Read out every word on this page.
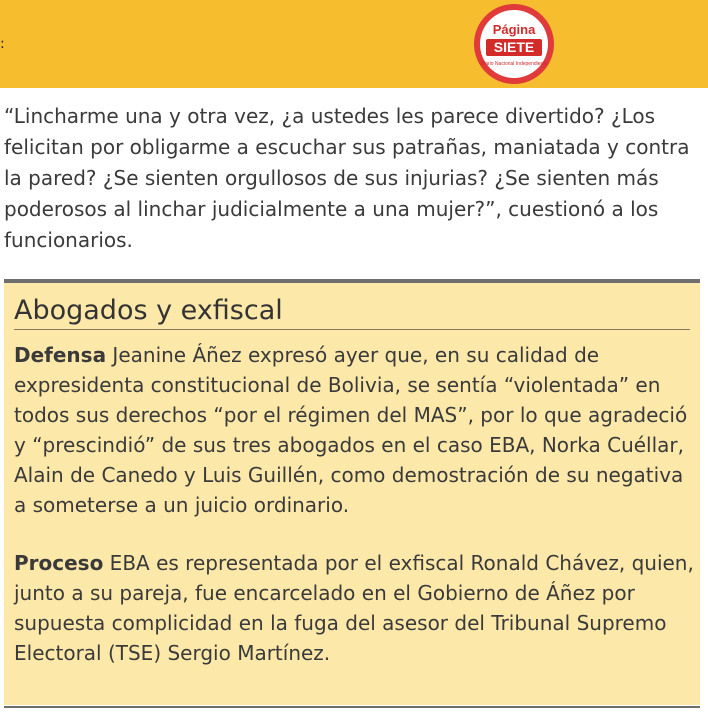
:
Página
SIETE
Diario Nacional Independiente

“Lincharme una y otra vez, ¿a ustedes les parece divertido? ¿Los felicitan por obligarme a escuchar sus patrañas, maniatada y contra la pared? ¿Se sienten orgullosos de sus injurias? ¿Se sienten más poderosos al linchar judicialmente a una mujer?”, cuestionó a los funcionarios.

Abogados y exfiscal

Defensa Jeanine Áñez expresó ayer que, en su calidad de expresidenta constitucional de Bolivia, se sentía “violentada” en todos sus derechos “por el régimen del MAS”, por lo que agradeció y “prescindió” de sus tres abogados en el caso EBA, Norka Cuéllar, Alain de Canedo y Luis Guillén, como demostración de su negativa a someterse a un juicio ordinario.

Proceso EBA es representada por el exfiscal Ronald Chávez, quien, junto a su pareja, fue encarcelado en el Gobierno de Áñez por supuesta complicidad en la fuga del asesor del Tribunal Supremo Electoral (TSE) Sergio Martínez.
